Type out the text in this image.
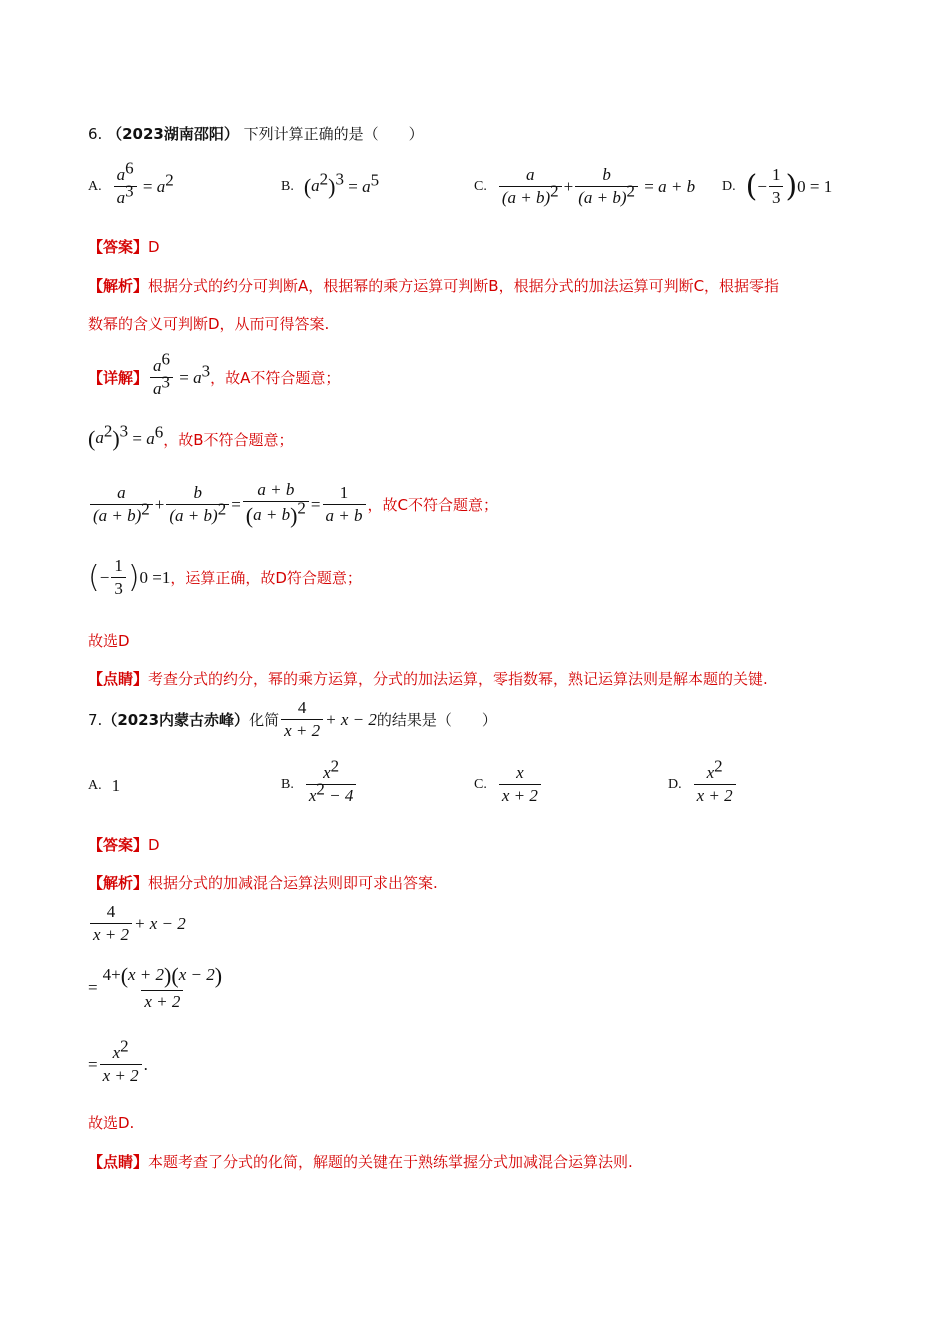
6. （2023湖南邵阳） 下列计算正确的是（　　）
A. $\frac{a^6}{a^3} = a^2$	B. $(a^2)^3 = a^5$	C. $\frac{a}{(a + b)^2} + \frac{b}{(a + b)^2} = a + b$ D. ( − $\frac{1}{3}$ ) 0 = 1
【答案】D
【解析】根据分式的约分可判断A，根据幂的乘方运算可判断B，根据分式的加法运算可判断C，根据零指
数幂的含义可判断D，从而可得答案.
【详解】 $\frac{a^6}{a^3} = a^3$ ，故A不符合题意；
$(a^2)^3 = a^6$ ，故B不符合题意；
$\frac{a}{(a + b)^2} + \frac{b}{(a + b)^2} = \frac{a + b}{(a + b)^2} = \frac{1}{a + b}$ ，故C不符合题意；
( − $\frac{1}{3}$ ) 0 =1 ，运算正确，故D符合题意；
故选D
【点睛】考查分式的约分，幂的乘方运算，分式的加法运算，零指数幂，熟记运算法则是解本题的关键.
7. （2023内蒙古赤峰） 化简 $\frac{4}{x + 2} + x - 2$ 的结果是（　　）
A. 1	B. $\frac{x^2}{x^2 - 4}$	C. $\frac{x}{x + 2}$	D. $\frac{x^2}{x + 2}$
【答案】D
【解析】根据分式的加减混合运算法则即可求出答案.
$\frac{4}{x + 2} + x - 2$
= $\frac{4+(x + 2)(x - 2)}{x + 2}$
= $\frac{x^2}{x + 2}$ .
故选D.
【点睛】本题考查了分式的化简，解题的关键在于熟练掌握分式加减混合运算法则.
